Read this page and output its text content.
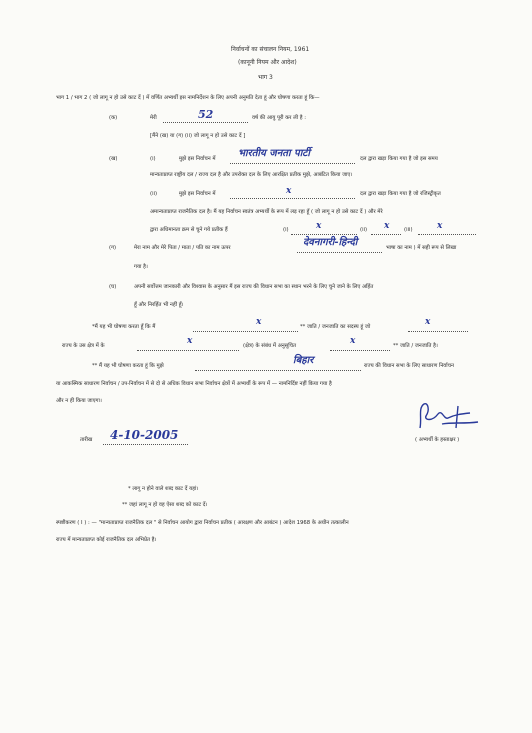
निर्वाचनों का संचालन नियम, 1961
(कानूनी नियम और आदेश)
भाग 3
भाग 1 / भाग 2 ( जो लागू न हो उसे काट दें ) में वर्णित अभ्यर्थी इस नामनिर्देशन के लिए अपनी अनुमति देता हूं और घोषणा करता हूं कि—
(क)	मेरी	52	वर्ष की आयु पूरी कर ली है :
[मैंने (ख) या (ग) (ii) जो लागू न हो उसे काट दें ]
(ख)	(i)	मुझे इस निर्वाचन में भारतीय जनता पार्टी	दल द्वारा खड़ा किया गया है जो इस समय
मान्यताप्राप्त राष्ट्रीय दल / राज्य दल है और उपरोक्त दल के लिए आरक्षित प्रतीक मुझे, आबंटित किया जाए।
(ii)	मुझे इस निर्वाचन में	x	दल द्वारा खड़ा किया गया है जो रजिस्ट्रीकृत
अमान्यताप्राप्त राजनैतिक दल है। मैं यह निर्वाचन स्वतंत्र अभ्यर्थी के रूप में लड़ रहा हूँ ( जो लागू न हो उसे काट दें ) और मेरे
द्वारा अधिमानता क्रम से चुने गये प्रतीक हैं	(i)	x	(ii) x	(iii)	x
(ग)	मेरा नाम और मेरे पिता / माता / पति का नाम ऊपर	देवनागरी-हिन्दी	भाषा का नाम ) में सही रूप से लिखा
गया है।
(घ)	अपनी सर्वोत्तम जानकारी और विश्वास के अनुसार मैं इस राज्य की विधान सभा का स्थान भरने के लिए चुने जाने के लिए अर्हित
हूँ और निरर्हित भी नहीं हूँ।
*मैं यह भी घोषणा करता हूँ कि मैं	x	** जाति / जनजाति का सदस्य हूं जो	x
राज्य के उस क्षेत्र में के	x	(क्षेत्र) के संबंध में अनुसूचित	x	** जाति / जनजाति है।
** मैं यह भी घोषणा करता हूं कि मुझे	बिहार	राज्य की विधान सभा के लिए साधारण निर्वाचन
या आकस्मिक साधारण निर्वाचन / उप-निर्वाचन में से दो से अधिक विधान सभा निर्वाचन क्षेत्रों में अभ्यर्थी के रूप में — नामनिर्दिष्ट नहीं किया गया है
और न ही किया जाएगा।
तारीख 4-10-2005	( अभ्यर्थी के हस्ताक्षर )
* लागू न होने वाले शब्द काट दें यहां।
** जहां लागू न हो वह ऐसा शब्द को काट दें।
स्पष्टीकरण ( I ) : — "मान्यताप्राप्त राजनैतिक दल " से निर्वाचन आयोग द्वारा निर्वाचन प्रतीक ( आरक्षण और आबंटन ) आदेश 1968 के अधीन तत्कालीन
राज्य में मान्यताप्राप्त कोई राजनैतिक दल अभिप्रेत है।
